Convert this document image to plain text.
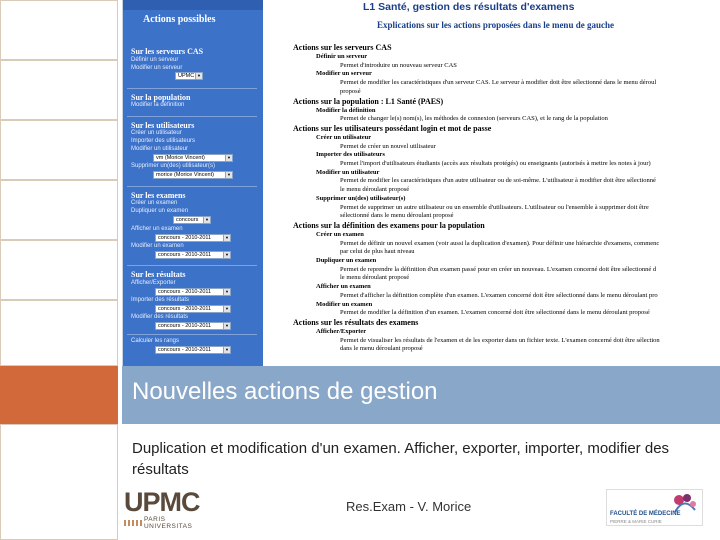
Actions possibles
Sur les serveurs CAS
Définir un serveur
Modifier un serveur
UPMC ▼
Sur la population
Modifier la définition
Sur les utilisateurs
Créer un utilisateur
Importer des utilisateurs
Modifier un utilisateur
vm (Morice Vincent)	▼
Supprimer un(des) utilisateur(s)
morice (Morice Vincent)	▼
Sur les examens
Créer un examen
Dupliquer un examen
concours	▼
Afficher un examen
concours - 2010-2011	▼
Modifier un examen
concours - 2010-2011	▼
Sur les résultats
Afficher/Exporter
concours - 2010-2011	▼
Importer des résultats
concours - 2010-2011	▼
Modifier des résultats
concours - 2010-2011	▼
Calculer les rangs
concours - 2010-2011	▼
L1 Santé, gestion des résultats d'examens
Explications sur les actions proposées dans le menu de gauche
Actions sur les serveurs CAS
Définir un serveur
Permet d'introduire un nouveau serveur CAS
Modifier un serveur
Permet de modifier les caractéristiques d'un serveur CAS. Le serveur à modifier doit être sélectionné dans le menu déroul
proposé
Actions sur la population : L1 Santé (PAES)
Modifier la définition
Permet de changer le(s) nom(s), les méthodes de connexion (serveurs CAS), et le rang de la population
Actions sur les utilisateurs possédant login et mot de passe
Créer un utilisateur
Permet de créer un nouvel utilisateur
Importer des utilisateurs
Permet l'import d'utilisateurs étudiants (accès aux résultats protégés) ou enseignants (autorisés à mettre les notes à jour)
Modifier un utilisateur
Permet de modifier les caractéristiques d'un autre utilisateur ou de soi-même. L'utilisateur à modifier doit être sélectionné
le menu déroulant proposé
Supprimer un(des) utilisateur(s)
Permet de supprimer un autre utilisateur ou un ensemble d'utilisateurs. L'utilisateur ou l'ensemble à supprimer doit être
sélectionné dans le menu déroulant proposé
Actions sur la définition des examens pour la population
Créer un examen
Permet de définir un nouvel examen (voir aussi la duplication d'examen). Pour définir une hiérarchie d'examens, commenc
par celui de plus haut niveau
Dupliquer un examen
Permet de reprendre la définition d'un examen passé pour en créer un nouveau. L'examen concerné doit être sélectionné d
le menu déroulant proposé
Afficher un examen
Permet d'afficher la définition complète d'un examen. L'examen concerné doit être sélectionné dans le menu déroulant pro
Modifier un examen
Permet de modifier la définition d'un examen. L'examen concerné doit être sélectionné dans le menu déroulant proposé
Actions sur les résultats des examens
Afficher/Exporter
Permet de visualiser les résultats de l'examen et de les exporter dans un fichier texte. L'examen concerné doit être sélection
dans le menu déroulant proposé
Nouvelles actions de gestion
Duplication et modification d'un examen. Afficher, exporter, importer, modifier des résultats
Res.Exam - V. Morice
UPMC
PARIS UNIVERSITAS
FACULTÉ DE MÉDECINE
PIERRE & MARIE CURIE
